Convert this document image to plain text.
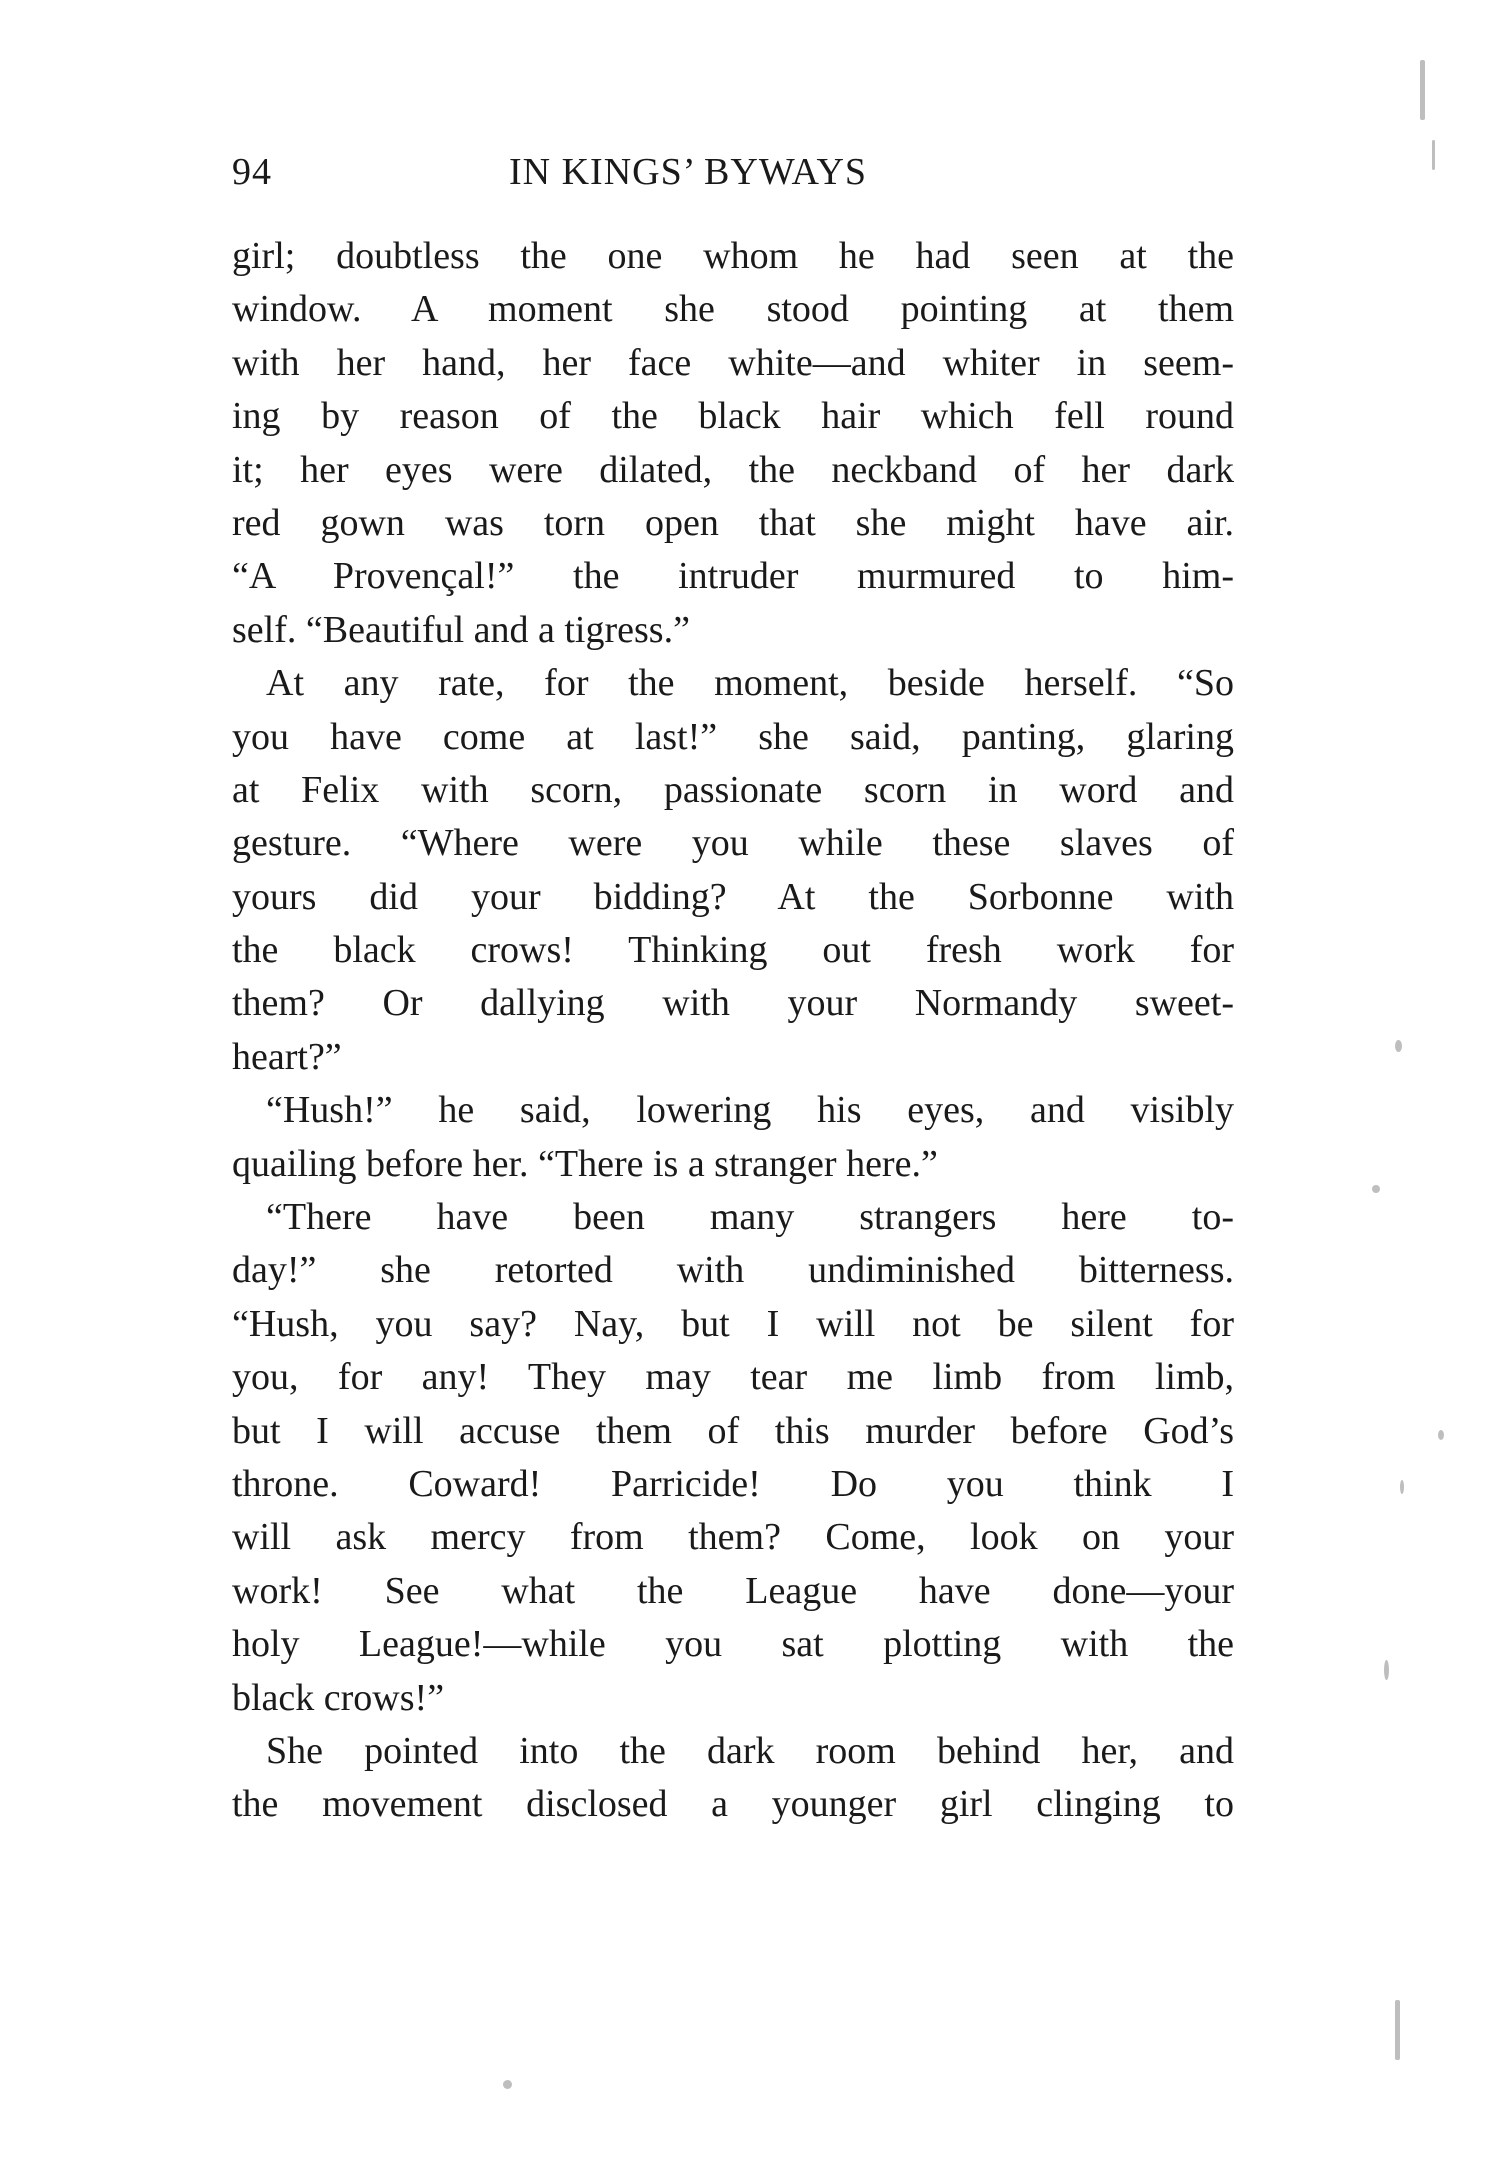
94	IN KINGS’ BYWAYS
girl; doubtless the one whom he had seen at the
window. A moment she stood pointing at them
with her hand, her face white—and whiter in seem-
ing by reason of the black hair which fell round
it; her eyes were dilated, the neckband of her dark
red gown was torn open that she might have air.
“A Provençal!” the intruder murmured to him-
self. “Beautiful and a tigress.”
At any rate, for the moment, beside herself. “So
you have come at last!” she said, panting, glaring
at Felix with scorn, passionate scorn in word and
gesture. “Where were you while these slaves of
yours did your bidding? At the Sorbonne with
the black crows! Thinking out fresh work for
them? Or dallying with your Normandy sweet-
heart?”
“Hush!” he said, lowering his eyes, and visibly
quailing before her. “There is a stranger here.”
“There have been many strangers here to-
day!” she retorted with undiminished bitterness.
“Hush, you say? Nay, but I will not be silent for
you, for any! They may tear me limb from limb,
but I will accuse them of this murder before God’s
throne. Coward! Parricide! Do you think I
will ask mercy from them? Come, look on your
work! See what the League have done—your
holy League!—while you sat plotting with the
black crows!”
She pointed into the dark room behind her, and
the movement disclosed a younger girl clinging to
